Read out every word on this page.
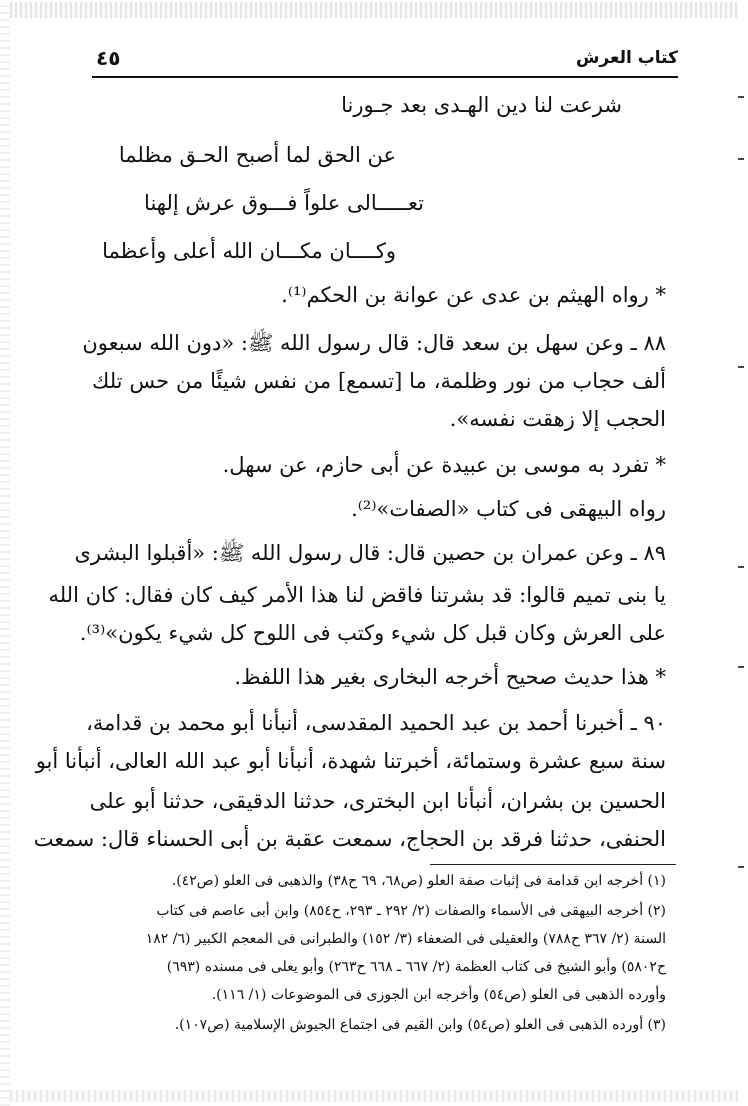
٤٥	كتاب العرش
شرعت لنا دين الهـدى بعد جـورنا
عن الحق لما أصبح الحـق مظلما
تعـــــالى علواً فـــوق عرش إلهنا
وكــــان مكـــان الله أعلى وأعظما
* رواه الهيثم بن عدى عن عوانة بن الحكم⁽¹⁾.
٨٨ ـ وعن سهل بن سعد قال: قال رسول الله ﷺ: «دون الله سبعون
ألف حجاب من نور وظلمة، ما [تسمع] من نفس شيئًا من حس تلك
الحجب إلا زهقت نفسه».
* تفرد به موسى بن عبيدة عن أبى حازم، عن سهل.
رواه البيهقى فى كتاب «الصفات»⁽²⁾.
٨٩ ـ وعن عمران بن حصين قال: قال رسول الله ﷺ: «أقبلوا البشرى
يا بنى تميم قالوا: قد بشرتنا فاقض لنا هذا الأمر كيف كان فقال: كان الله
على العرش وكان قبل كل شيء وكتب فى اللوح كل شيء يكون»⁽³⁾.
* هذا حديث صحيح أخرجه البخارى بغير هذا اللفظ.
٩٠ ـ أخبرنا أحمد بن عبد الحميد المقدسى، أنبأنا أبو محمد بن قدامة،
سنة سبع عشرة وستمائة، أخبرتنا شهدة، أنبأنا أبو عبد الله العالى، أنبأنا أبو
الحسين بن بشران، أنبأنا ابن البخترى، حدثنا الدقيقى، حدثنا أبو على
الحنفى، حدثنا فرقد بن الحجاج، سمعت عقبة بن أبى الحسناء قال: سمعت
(١) أخرجه ابن قدامة فى إثبات صفة العلو (ص٦٨، ٦٩ ح٣٨) والذهبى فى العلو (ص٤٢).
(٢) أخرجه البيهقى فى الأسماء والصفات (٢/ ٢٩٢ ـ ٢٩٣، ح٨٥٤) وابن أبى عاصم فى كتاب
السنة (٢/ ٣٦٧ ح٧٨٨) والعقيلى فى الضعفاء (٣/ ١٥٢) والطبرانى فى المعجم الكبير (٦/ ١٨٢
ح٥٨٠٢) وأبو الشيخ فى كتاب العظمة (٢/ ٦٦٧ ـ ٦٦٨ ح٢٦٣) وأبو يعلى فى مسنده (٦٩٣)
وأورده الذهبى فى العلو (ص٥٤) وأخرجه ابن الجوزى فى الموضوعات (١/ ١١٦).
(٣) أورده الذهبى فى العلو (ص٥٤) وابن القيم فى اجتماع الجيوش الإسلامية (ص١٠٧).
